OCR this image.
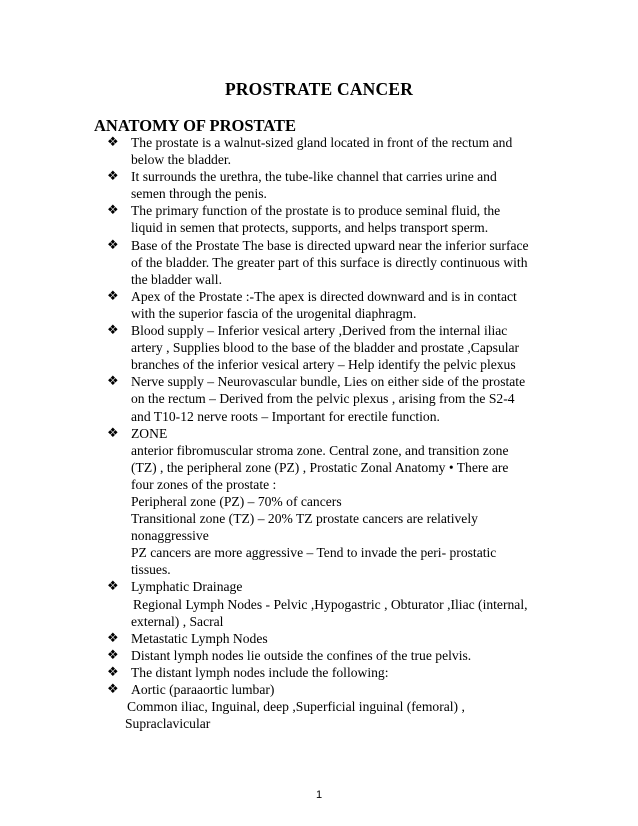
PROSTRATE CANCER
ANATOMY OF PROSTATE
❖ The prostate is a walnut-sized gland located in front of the rectum and
below the bladder.
❖ It surrounds the urethra, the tube-like channel that carries urine and
semen through the penis.
❖ The primary function of the prostate is to produce seminal fluid, the
liquid in semen that protects, supports, and helps transport sperm.
❖ Base of the Prostate The base is directed upward near the inferior surface
of the bladder. The greater part of this surface is directly continuous with
the bladder wall.
❖ Apex of the Prostate :-The apex is directed downward and is in contact
with the superior fascia of the urogenital diaphragm.
❖ Blood supply – Inferior vesical artery ,Derived from the internal iliac
artery , Supplies blood to the base of the bladder and prostate ,Capsular
branches of the inferior vesical artery – Help identify the pelvic plexus
❖ Nerve supply – Neurovascular bundle, Lies on either side of the prostate
on the rectum – Derived from the pelvic plexus , arising from the S2-4
and T10-12 nerve roots – Important for erectile function.
❖ ZONE
anterior fibromuscular stroma zone. Central zone, and transition zone
(TZ) , the peripheral zone (PZ) , Prostatic Zonal Anatomy • There are
four zones of the prostate :
Peripheral zone (PZ) – 70% of cancers
Transitional zone (TZ) – 20% TZ prostate cancers are relatively
nonaggressive
PZ cancers are more aggressive – Tend to invade the peri- prostatic
tissues.
❖ Lymphatic Drainage
Regional Lymph Nodes - Pelvic ,Hypogastric , Obturator ,Iliac (internal,
external) , Sacral
❖ Metastatic Lymph Nodes
❖ Distant lymph nodes lie outside the confines of the true pelvis.
❖ The distant lymph nodes include the following:
❖ Aortic (paraaortic lumbar)
Common iliac, Inguinal, deep ,Superficial inguinal (femoral) ,
Supraclavicular
1
